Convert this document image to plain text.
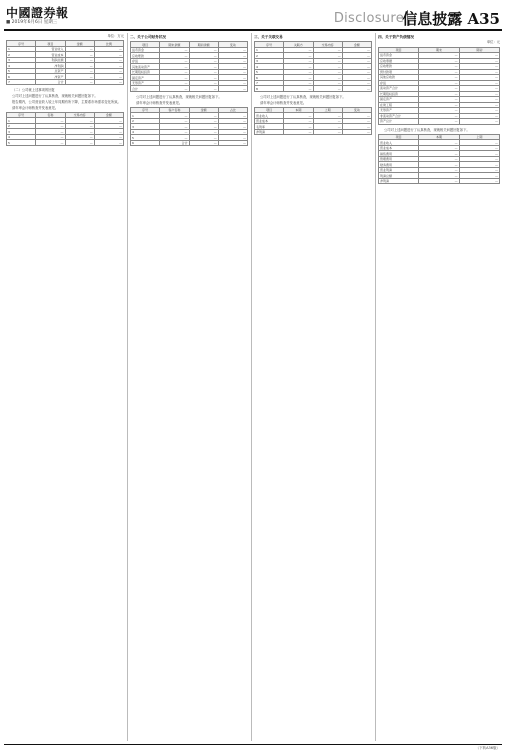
中國證券報
■ 2019年6月6日 星期三	Disclosure
信息披露 A35
单位：万元
序号	项目	金额	比例
1	营业收入	—	—
2	营业成本	—	—
3	利润总额	—	—
4	净利润	—	—
5	总资产	—	—
6	净资产	—	—
7	合计	—	—

（二）公司就上述事项的回复

公司对上述问题进行了认真核查，现就相关问题回复如下。

报告期内，公司营业收入较上年同期有所下降，主要系市场需求变化所致。

请年审会计师核查并发表意见。

序号	名称	交易内容	金额
1	—	—	—
2	—	—	—
3	—	—	—
4	—	—	—
5	—	—	—
二、关于公司财务状况
项目	期末余额	期初余额	变动
货币资金	—	—	—
应收账款	—	—	—
存货	—	—	—
其他流动资产	—	—	—
长期股权投资	—	—	—
固定资产	—	—	—
无形资产	—	—	—
合计	—	—	—

公司对上述问题进行了认真核查，现就相关问题回复如下。

请年审会计师核查并发表意见。

序号	客户名称	金额	占比
1	—	—	—
2	—	—	—
3	—	—	—
4	—	—	—
5	—	—	—
6	合计	—	—
三、关于关联交易
序号	关联方	交易内容	金额
1	—	—	—
2	—	—	—
3	—	—	—
4	—	—	—
5	—	—	—
6	—	—	—
7	—	—	—
8	—	—	—

公司对上述问题进行了认真核查，现就相关问题回复如下。

请年审会计师核查并发表意见。

项目	本期	上期	变动
营业收入	—	—	—
营业成本	—	—	—
毛利率	—	—	—
净利润	—	—	—
四、关于资产负债情况
单位：元
项目	期末	期初
货币资金	—	—
应收票据	—	—
应收账款	—	—
预付款项	—	—
其他应收款	—	—
存货	—	—
流动资产合计	—	—
长期股权投资	—	—
固定资产	—	—
在建工程	—	—
无形资产	—	—
非流动资产合计	—	—
资产总计	—	—

公司对上述问题进行了认真核查，现就相关问题回复如下。

项目	本期	上期
营业收入	—	—
营业成本	—	—
销售费用	—	—
管理费用	—	—
财务费用	—	—
营业利润	—	—
利润总额	—	—
净利润	—	—
（下转A36版）
